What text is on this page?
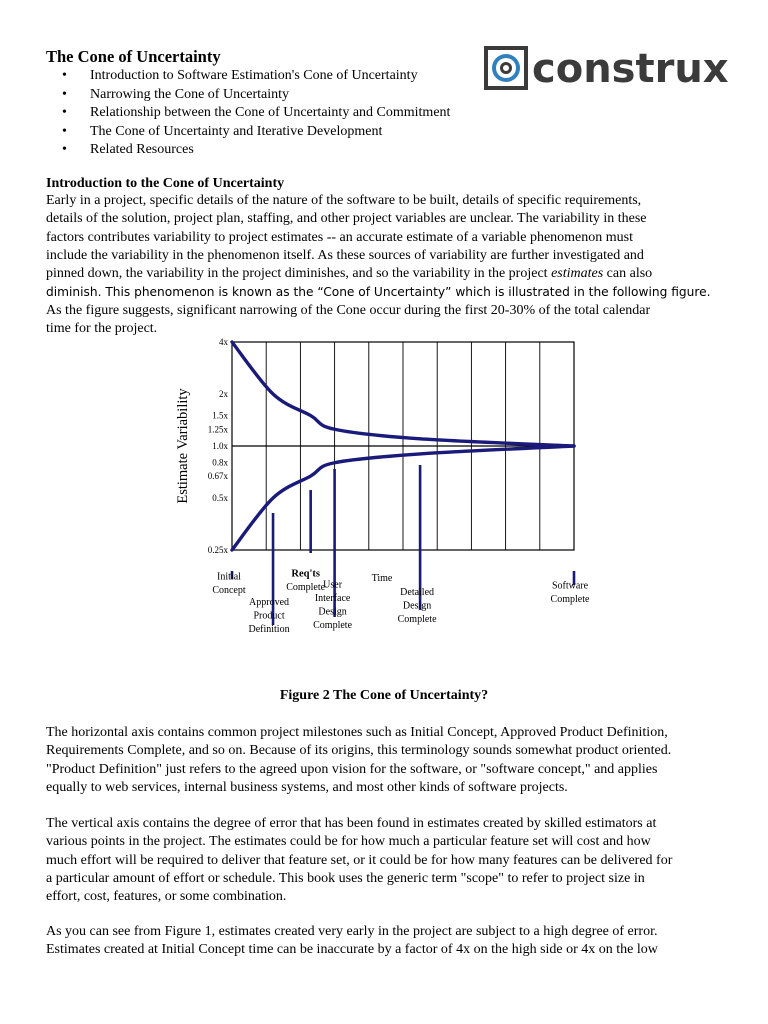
The Cone of Uncertainty
• Introduction to Software Estimation's Cone of Uncertainty
• Narrowing the Cone of Uncertainty
• Relationship between the Cone of Uncertainty and Commitment
• The Cone of Uncertainty and Iterative Development
• Related Resources
construx
Introduction to the Cone of Uncertainty
Early in a project, specific details of the nature of the software to be built, details of specific requirements,
details of the solution, project plan, staffing, and other project variables are unclear. The variability in these
factors contributes variability to project estimates -- an accurate estimate of a variable phenomenon must
include the variability in the phenomenon itself. As these sources of variability are further investigated and
pinned down, the variability in the project diminishes, and so the variability in the project estimates can also
diminish. This phenomenon is known as the “Cone of Uncertainty” which is illustrated in the following figure.
As the figure suggests, significant narrowing of the Cone occur during the first 20-30% of the total calendar
time for the project.
4x
2x
1.5x
1.25x
1.0x
0.8x
0.67x
0.5x
0.25x
Estimate Variability
Initial
Concept
Approved
Product
Definition
Req'ts
Complete
User
Interface
Design
Complete
Detailed
Design
Complete
Software
Complete
Time

Figure 2 The Cone of Uncertainty?

The horizontal axis contains common project milestones such as Initial Concept, Approved Product Definition,
Requirements Complete, and so on. Because of its origins, this terminology sounds somewhat product oriented.
"Product Definition" just refers to the agreed upon vision for the software, or "software concept," and applies
equally to web services, internal business systems, and most other kinds of software projects.
The vertical axis contains the degree of error that has been found in estimates created by skilled estimators at
various points in the project. The estimates could be for how much a particular feature set will cost and how
much effort will be required to deliver that feature set, or it could be for how many features can be delivered for
a particular amount of effort or schedule. This book uses the generic term "scope" to refer to project size in
effort, cost, features, or some combination.
As you can see from Figure 1, estimates created very early in the project are subject to a high degree of error.
Estimates created at Initial Concept time can be inaccurate by a factor of 4x on the high side or 4x on the low
